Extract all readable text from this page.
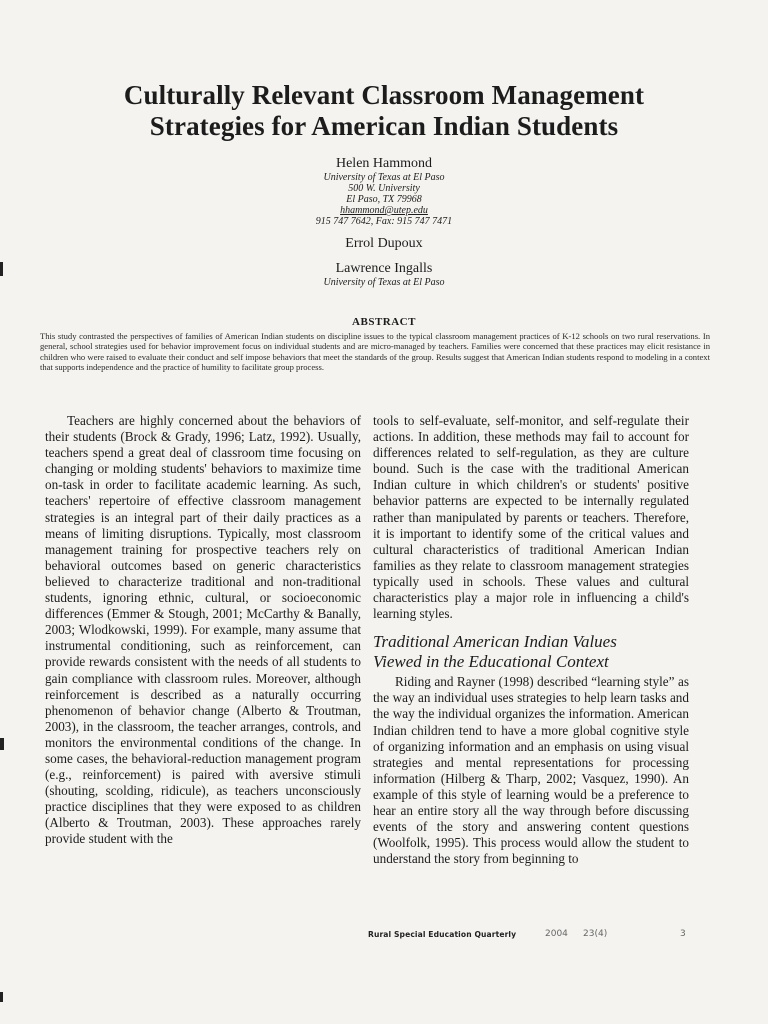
Culturally Relevant Classroom Management
Strategies for American Indian Students
Helen Hammond
University of Texas at El Paso
500 W. University
El Paso, TX 79968
hhammond@utep.edu
915 747 7642, Fax: 915 747 7471
Errol Dupoux
Lawrence Ingalls
University of Texas at El Paso
ABSTRACT

This study contrasted the perspectives of families of American Indian students on discipline issues to the typical classroom management practices of K-12 schools on two rural reservations. In general, school strategies used for behavior improvement focus on individual students and are micro-managed by teachers. Families were concerned that these practices may elicit resistance in children who were raised to evaluate their conduct and self impose behaviors that meet the standards of the group. Results suggest that American Indian students respond to modeling in a context that supports independence and the practice of humility to facilitate group process.

Teachers are highly concerned about the behaviors of their students (Brock & Grady, 1996; Latz, 1992). Usually, teachers spend a great deal of classroom time focusing on changing or molding students' behaviors to maximize time on-task in order to facilitate academic learning. As such, teachers' repertoire of effective classroom management strategies is an integral part of their daily practices as a means of limiting disruptions. Typically, most classroom management training for prospective teachers rely on behavioral outcomes based on generic characteristics believed to characterize traditional and non-traditional students, ignoring ethnic, cultural, or socioeconomic differences (Emmer & Stough, 2001; McCarthy & Banally, 2003; Wlodkowski, 1999). For example, many assume that instrumental conditioning, such as reinforcement, can provide rewards consistent with the needs of all students to gain compliance with classroom rules. Moreover, although reinforcement is described as a naturally occurring phenomenon of behavior change (Alberto & Troutman, 2003), in the classroom, the teacher arranges, controls, and monitors the environmental conditions of the change. In some cases, the behavioral-reduction management program (e.g., reinforcement) is paired with aversive stimuli (shouting, scolding, ridicule), as teachers unconsciously practice disciplines that they were exposed to as children (Alberto & Troutman, 2003). These approaches rarely provide student with the

tools to self-evaluate, self-monitor, and self-regulate their actions. In addition, these methods may fail to account for differences related to self-regulation, as they are culture bound. Such is the case with the traditional American Indian culture in which children's or students' positive behavior patterns are expected to be internally regulated rather than manipulated by parents or teachers. Therefore, it is important to identify some of the critical values and cultural characteristics of traditional American Indian families as they relate to classroom management strategies typically used in schools. These values and cultural characteristics play a major role in influencing a child's learning styles.

Traditional American Indian Values
Viewed in the Educational Context

Riding and Rayner (1998) described “learning style” as the way an individual uses strategies to help learn tasks and the way the individual organizes the information. American Indian children tend to have a more global cognitive style of organizing information and an emphasis on using visual strategies and mental representations for processing information (Hilberg & Tharp, 2002; Vasquez, 1990). An example of this style of learning would be a preference to hear an entire story all the way through before discussing events of the story and answering content questions (Woolfolk, 1995). This process would allow the student to understand the story from beginning to

Rural Special Education Quarterly	2004 23(4)	3
